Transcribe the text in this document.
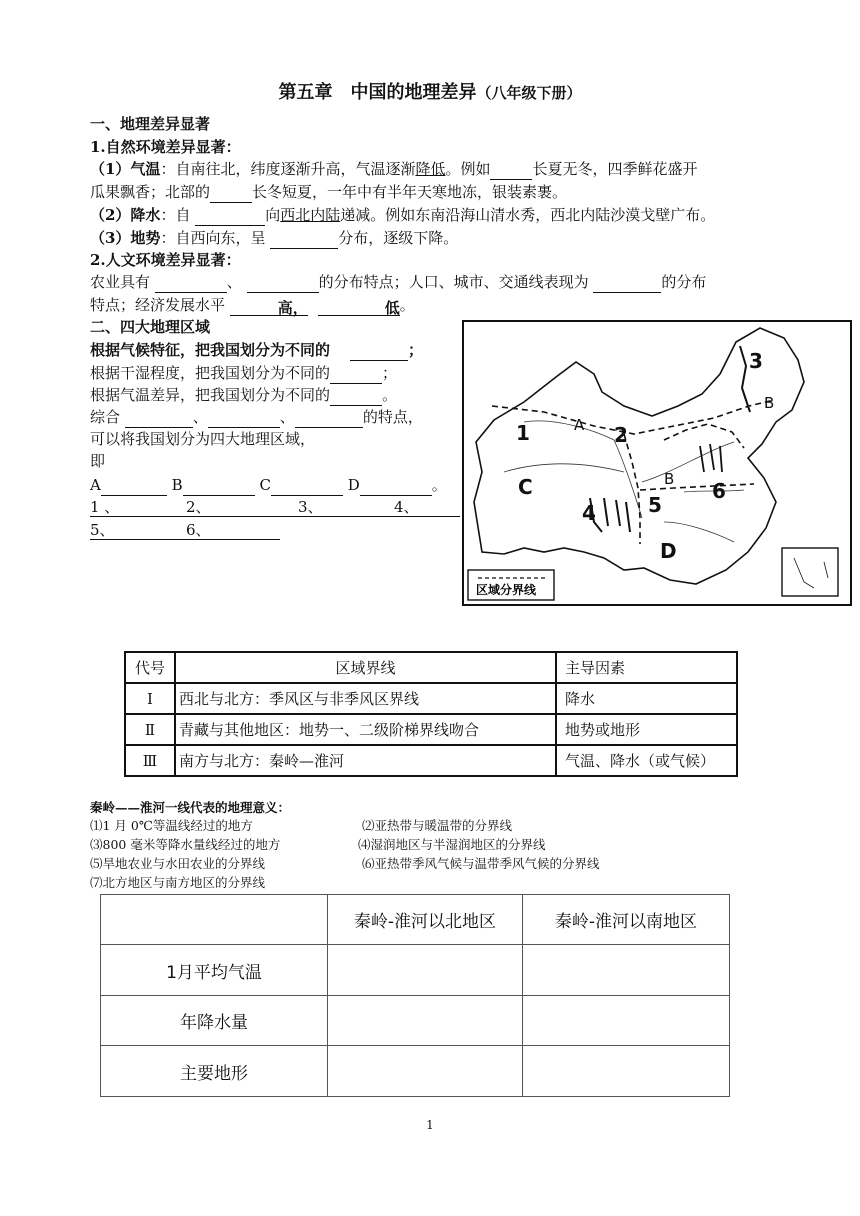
第五章　中国的地理差异（八年级下册）
一、地理差异显著
1.自然环境差异显著：
（1）气温：自南往北，纬度逐渐升高，气温逐渐降低。例如	长夏无冬，四季鲜花盛开
瓜果飘香；北部的	长冬短夏，一年中有半年天寒地冻，银装素裹。
（2）降水：自	向西北内陆递减。例如东南沿海山清水秀，西北内陆沙漠戈壁广布。
（3）地势：自西向东，呈	分布，逐级下降。
2.人文环境差异显著：
农业具有	、	的分布特点；人口、城市、交通线表现为	的分布
特点；经济发展水平	高，	低。
二、四大地理区域
根据气候特征，把我国划分为不同的	；
根据干湿程度，把我国划分为不同的	；
根据气温差异，把我国划分为不同的	。
综合	、	、	的特点，
可以将我国划分为四大地理区域，
即
A	B	C	D	。
1 、	2、	3、	4、
5、	6、
区域分界线
1	2
3
4	5
6
A
B
B
C
D
代号	区域界线	主导因素
Ⅰ	西北与北方：季风区与非季风区界线	降水
Ⅱ	青藏与其他地区：地势一、二级阶梯界线吻合	地势或地形
Ⅲ	南方与北方：秦岭—淮河	气温、降水（或气候）
秦岭——淮河一线代表的地理意义：
⑴1 月 0℃等温线经过的地方	⑵亚热带与暖温带的分界线
⑶800 毫米等降水量线经过的地方	⑷湿润地区与半湿润地区的分界线
⑸旱地农业与水田农业的分界线	⑹亚热带季风气候与温带季风气候的分界线
⑺北方地区与南方地区的分界线
	秦岭-淮河以北地区	秦岭-淮河以南地区
1月平均气温		
年降水量		
主要地形		
1
